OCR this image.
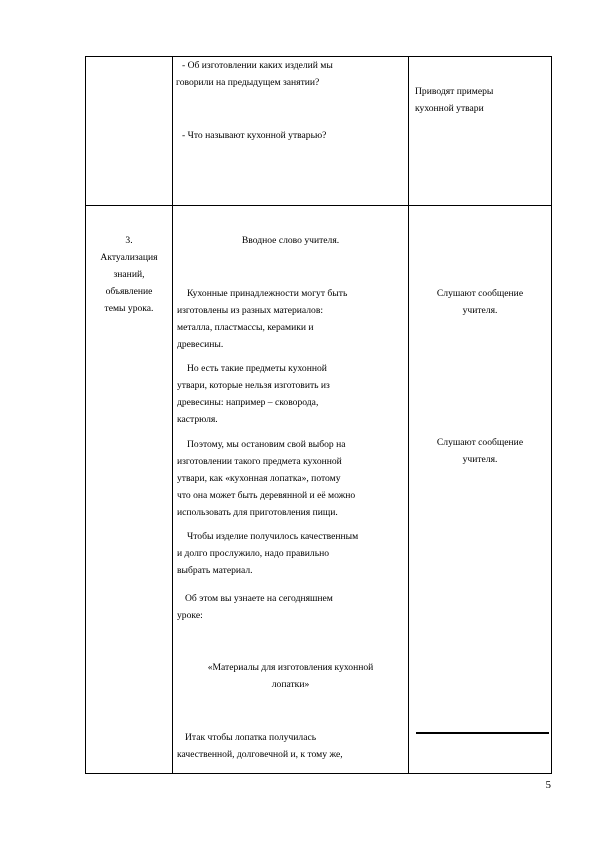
- Об изготовлении каких изделий мы
говорили на предыдущем занятии?
- Что называют кухонной утварью?
Приводят примеры
кухонной утвари
3.
Актуализация
знаний,
объявление
темы урока.
Вводное слово учителя.
Кухонные принадлежности могут быть
изготовлены из разных материалов:
металла, пластмассы, керамики и
древесины.
Но есть такие предметы кухонной
утвари, которые нельзя изготовить из
древесины: например – сковорода,
кастрюля.
Поэтому, мы остановим свой выбор на
изготовлении такого предмета кухонной
утвари, как «кухонная лопатка», потому
что она может быть деревянной и её можно
использовать для приготовления пищи.
Чтобы изделие получилось качественным
и долго прослужило, надо правильно
выбрать материал.
Об этом вы узнаете на сегодняшнем
уроке:
«Материалы для изготовления кухонной
лопатки»
Итак чтобы лопатка получилась
качественной, долговечной и, к тому же,
Слушают сообщение
учителя.
Слушают сообщение
учителя.
5
